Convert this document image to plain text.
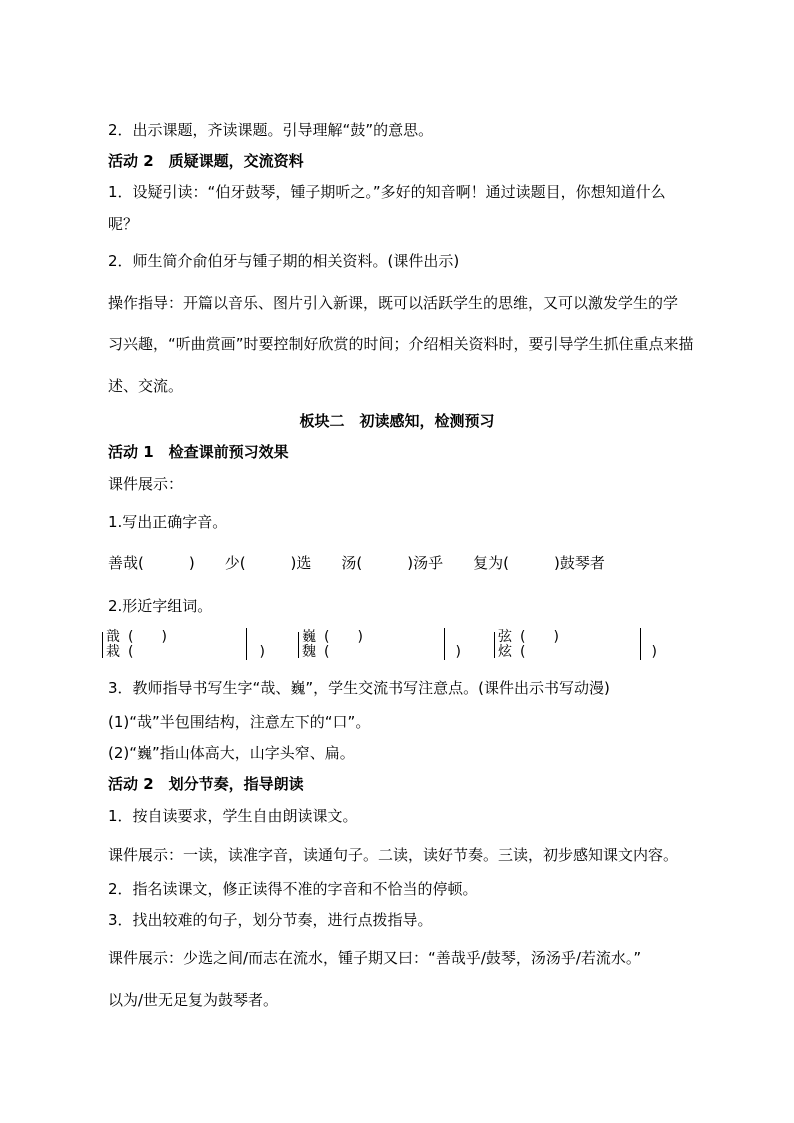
2．出示课题，齐读课题。引导理解“鼓”的意思。
活动 2　质疑课题，交流资料
1．设疑引读：“伯牙鼓琴，锺子期听之。”多好的知音啊！通过读题目，你想知道什么
呢？
2．师生简介俞伯牙与锺子期的相关资料。(课件出示)
操作指导：开篇以音乐、图片引入新课，既可以活跃学生的思维，又可以激发学生的学
习兴趣，“听曲赏画”时要控制好欣赏的时间；介绍相关资料时，要引导学生抓住重点来描
述、交流。
板块二　初读感知，检测预习
活动 1　检查课前预习效果
课件展示：
1.写出正确字音。
善哉(　　　)　　少(　　　)选　　汤(　　　)汤乎　　复为(　　　)鼓琴者
2.形近字组词。
戠
栽
(　　)
(　　　　　　　　　)
巍
魏
(　　)
(　　　　　　　　　)
弦
炫
(　　)
(　　　　　　　　　)
3．教师指导书写生字“哉、巍”，学生交流书写注意点。(课件出示书写动漫)
(1)“哉”半包围结构，注意左下的“口”。
(2)“巍”指山体高大，山字头窄、扁。
活动 2　划分节奏，指导朗读
1．按自读要求，学生自由朗读课文。
课件展示：一读，读准字音，读通句子。二读，读好节奏。三读，初步感知课文内容。
2．指名读课文，修正读得不准的字音和不恰当的停顿。
3．找出较难的句子，划分节奏，进行点拨指导。
课件展示：少选之间/而志在流水，锺子期又曰：“善哉乎/鼓琴，汤汤乎/若流水。”
以为/世无足复为鼓琴者。
